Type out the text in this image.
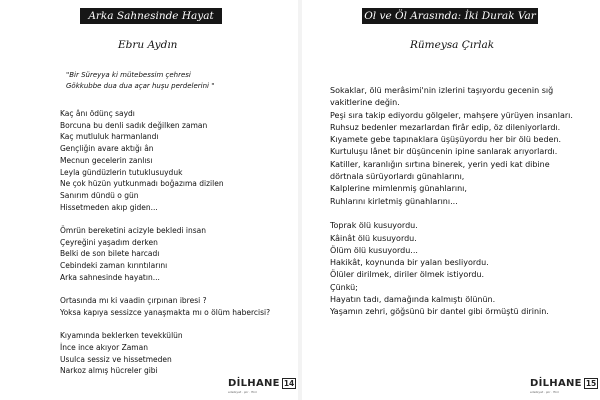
Arka Sahnesinde Hayat
Ebru Aydın
"Bir Süreyya ki mütebessim çehresi
Gökkubbe dua dua açar huşu perdelerini "
Kaç ânı ödünç saydı
Borcuna bu denli sadık değilken zaman
Kaç mutluluk harmanlandı
Gençliğin avare aktığı ân
Mecnun gecelerin zanlısı
Leyla gündüzlerin tutuklusuyduk
Ne çok hüzün yutkunmadı boğazıma dizilen
Sanırım dündü o gün
Hissetmeden akıp giden...
Ömrün bereketini acizyle bekledi insan
Çeyreğini yaşadım derken
Belki de son bilete harcadı
Cebindeki zaman kırıntılarını
Arka sahnesinde hayatın...
Ortasında mı ki vaadin çırpınan ibresi ?
Yoksa kapıya sessizce yanaşmakta mı o ölüm habercisi?
Kıyamında beklerken tevekkülün
İnce ince akıyor Zaman
Usulca sessiz ve hissetmeden
Narkoz almış hücreler gibi
DİLHANE 14
edebiyat · şiir · fikir
Ol ve Öl Arasında: İki Durak Var
Rümeysa Çırlak
Sokaklar, ölü merâsimi'nin izlerini taşıyordu gecenin sığ
vakitlerine değin.
Peşi sıra takip ediyordu gölgeler, mahşere yürüyen insanları.
Ruhsuz bedenler mezarlardan firâr edip, öz dileniyorlardı.
Kıyamete gebe tapınaklara üşüşüyordu her bir ölü beden.
Kurtuluşu lânet bir düşüncenin ipine sanlarak arıyorlardı.
Katiller, karanlığın sırtına binerek, yerin yedi kat dibine
dörtnala sürüyorlardı günahlarını,
Kalplerine mimlenmiş günahlarını,
Ruhlarını kirletmiş günahlarını...
Toprak ölü kusuyordu.
Kâinât ölü kusuyordu.
Ölüm ölü kusuyordu...
Hakikât, koynunda bir yalan besliyordu.
Ölüler dirilmek, diriler ölmek istiyordu.
Çünkü;
Hayatın tadı, damağında kalmıştı ölünün.
Yaşamın zehri, göğsünü bir dantel gibi örmüştü dirinin.
DİLHANE 15
edebiyat · şiir · fikir
